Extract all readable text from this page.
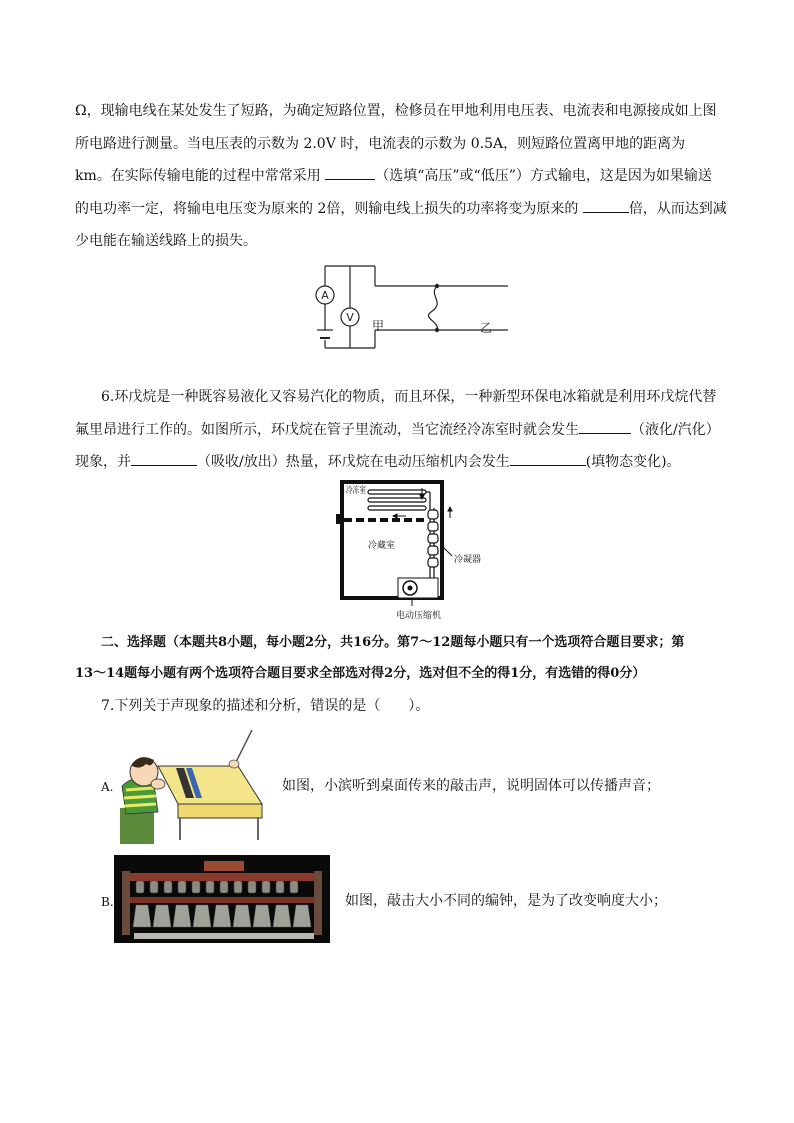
Ω，现输电线在某处发生了短路，为确定短路位置，检修员在甲地利用电压表、电流表和电源接成如上图
所电路进行测量。当电压表的示数为 2.0V 时，电流表的示数为 0.5A，则短路位置离甲地的距离为
km。在实际传输电能的过程中常常采用	（选填“高压”或“低压”）方式输电，这是因为如果输送
的电功率一定，将输电电压变为原来的 2倍，则输电线上损失的功率将变为原来的	倍，从而达到减
少电能在输送线路上的损失。
A
V
甲	乙
6.环戊烷是一种既容易液化又容易汽化的物质，而且环保，一种新型环保电冰箱就是利用环戊烷代替
氟里昂进行工作的。如图所示，环戊烷在管子里流动，当它流经冷冻室时就会发生	（液化/汽化）
现象，并	（吸收/放出）热量，环戊烷在电动压缩机内会发生	(填物态变化)。
冷冻室
冷藏室
冷凝器
电动压缩机
二、选择题（本题共8小题，每小题2分，共16分。第7～12题每小题只有一个选项符合题目要求；第
13～14题每小题有两个选项符合题目要求全部选对得2分，选对但不全的得1分，有选错的得0分）
7.下列关于声现象的描述和分析，错误的是（　　）。
A.	如图，小滨听到桌面传来的敲击声，说明固体可以传播声音；
B.	如图，敲击大小不同的编钟，是为了改变响度大小；
